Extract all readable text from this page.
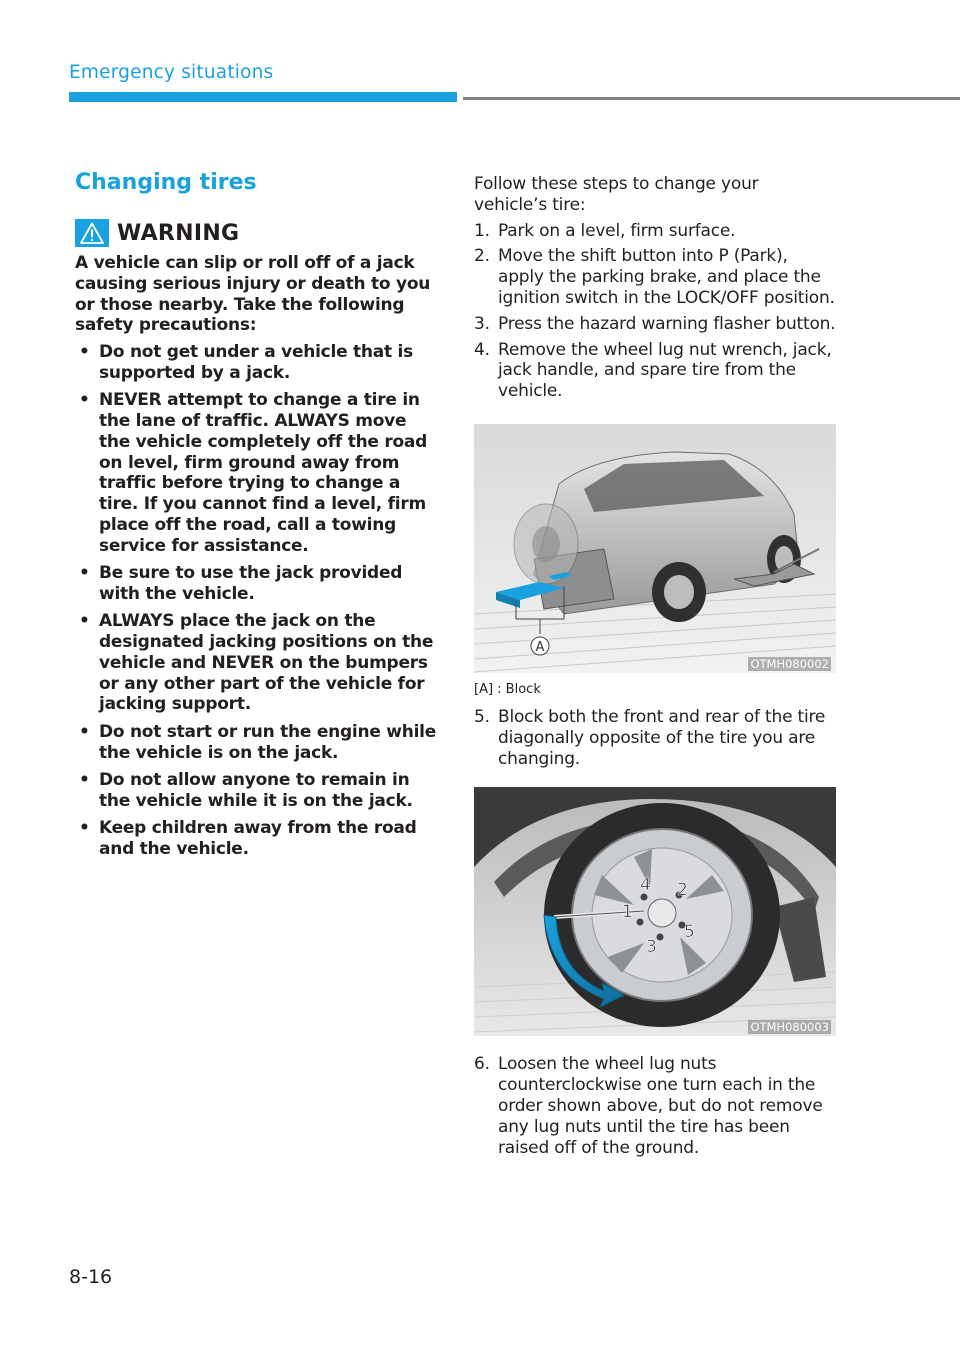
Emergency situations
Changing tires
WARNING

A vehicle can slip or roll off of a jack causing serious injury or death to you or those nearby. Take the following safety precautions:

• Do not get under a vehicle that is supported by a jack.
• NEVER attempt to change a tire in the lane of traffic. ALWAYS move the vehicle completely off the road on level, firm ground away from traffic before trying to change a tire. If you cannot find a level, firm place off the road, call a towing service for assistance.
• Be sure to use the jack provided with the vehicle.
• ALWAYS place the jack on the designated jacking positions on the vehicle and NEVER on the bumpers or any other part of the vehicle for jacking support.
• Do not start or run the engine while the vehicle is on the jack.
• Do not allow anyone to remain in the vehicle while it is on the jack.
• Keep children away from the road and the vehicle.

Follow these steps to change your vehicle’s tire:

1. Park on a level, firm surface.
2. Move the shift button into P (Park), apply the parking brake, and place the ignition switch in the LOCK/OFF position.
3. Press the hazard warning flasher button.
4. Remove the wheel lug nut wrench, jack, jack handle, and spare tire from the vehicle.
A
OTMH080002
[A] : Block
5. Block both the front and rear of the tire diagonally opposite of the tire you are changing.
1
2
3
4
5
OTMH080003
6. Loosen the wheel lug nuts counterclockwise one turn each in the order shown above, but do not remove any lug nuts until the tire has been raised off of the ground.
8-16
